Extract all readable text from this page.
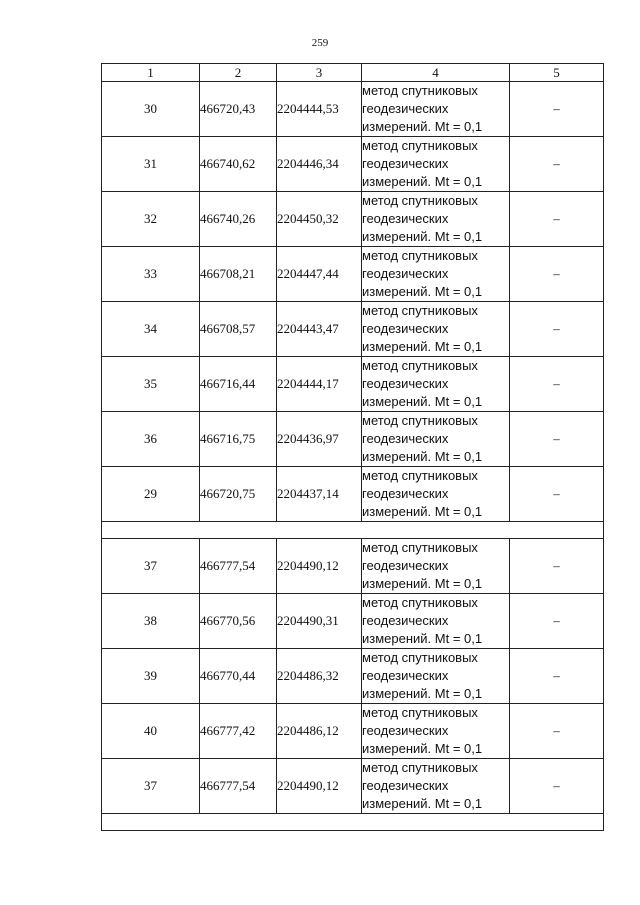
259
1	2	3	4	5
30	466720,43	2204444,53	метод спутниковых
геодезических
измерений. Mt = 0,1	–
31	466740,62	2204446,34	метод спутниковых
геодезических
измерений. Mt = 0,1	–
32	466740,26	2204450,32	метод спутниковых
геодезических
измерений. Mt = 0,1	–
33	466708,21	2204447,44	метод спутниковых
геодезических
измерений. Mt = 0,1	–
34	466708,57	2204443,47	метод спутниковых
геодезических
измерений. Mt = 0,1	–
35	466716,44	2204444,17	метод спутниковых
геодезических
измерений. Mt = 0,1	–
36	466716,75	2204436,97	метод спутниковых
геодезических
измерений. Mt = 0,1	–
29	466720,75	2204437,14	метод спутниковых
геодезических
измерений. Mt = 0,1	–

37	466777,54	2204490,12	метод спутниковых
геодезических
измерений. Mt = 0,1	–
38	466770,56	2204490,31	метод спутниковых
геодезических
измерений. Mt = 0,1	–
39	466770,44	2204486,32	метод спутниковых
геодезических
измерений. Mt = 0,1	–
40	466777,42	2204486,12	метод спутниковых
геодезических
измерений. Mt = 0,1	–
37	466777,54	2204490,12	метод спутниковых
геодезических
измерений. Mt = 0,1	–
